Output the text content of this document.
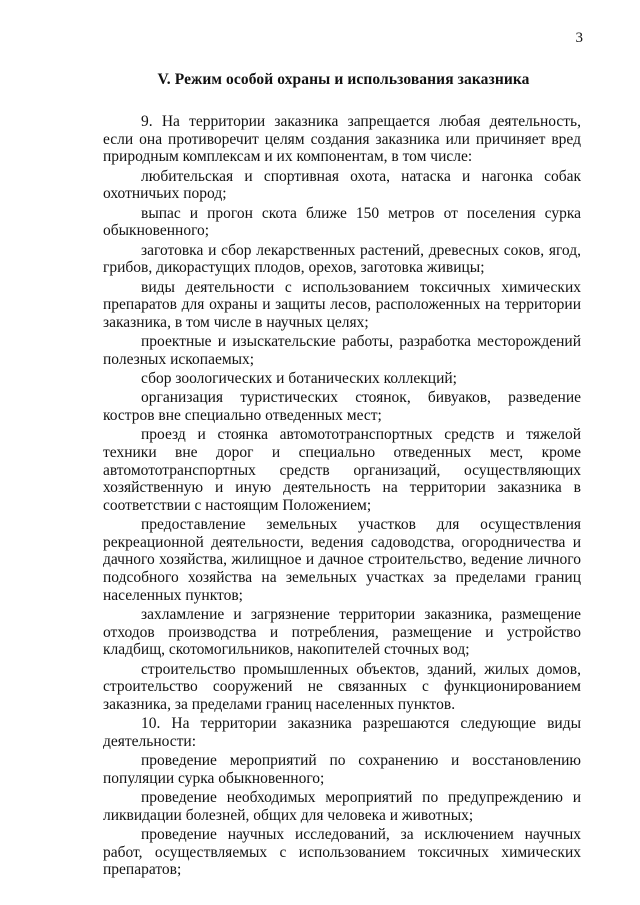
3
V. Режим особой охраны и использования заказника

9. На территории заказника запрещается любая деятельность, если она противоречит целям создания заказника или причиняет вред природным комплексам и их компонентам, в том числе:

любительская и спортивная охота, натаска и нагонка собак охотничьих пород;

выпас и прогон скота ближе 150 метров от поселения сурка обыкновенного;

заготовка и сбор лекарственных растений, древесных соков, ягод, грибов, дикорастущих плодов, орехов, заготовка живицы;

виды деятельности с использованием токсичных химических препаратов для охраны и защиты лесов, расположенных на территории заказника, в том числе в научных целях;

проектные и изыскательские работы, разработка месторождений полезных ископаемых;

сбор зоологических и ботанических коллекций;

организация туристических стоянок, бивуаков, разведение костров вне специально отведенных мест;

проезд и стоянка автомототранспортных средств и тяжелой техники вне дорог и специально отведенных мест, кроме автомототранспортных средств организаций, осуществляющих хозяйственную и иную деятельность на территории заказника в соответствии с настоящим Положением;

предоставление земельных участков для осуществления рекреационной деятельности, ведения садоводства, огородничества и дачного хозяйства, жилищное и дачное строительство, ведение личного подсобного хозяйства на земельных участках за пределами границ населенных пунктов;

захламление и загрязнение территории заказника, размещение отходов производства и потребления, размещение и устройство кладбищ, скотомогильников, накопителей сточных вод;

строительство промышленных объектов, зданий, жилых домов, строительство сооружений не связанных с функционированием заказника, за пределами границ населенных пунктов.

10. На территории заказника разрешаются следующие виды деятельности:

проведение мероприятий по сохранению и восстановлению популяции сурка обыкновенного;

проведение необходимых мероприятий по предупреждению и ликвидации болезней, общих для человека и животных;

проведение научных исследований, за исключением научных работ, осуществляемых с использованием токсичных химических препаратов;
